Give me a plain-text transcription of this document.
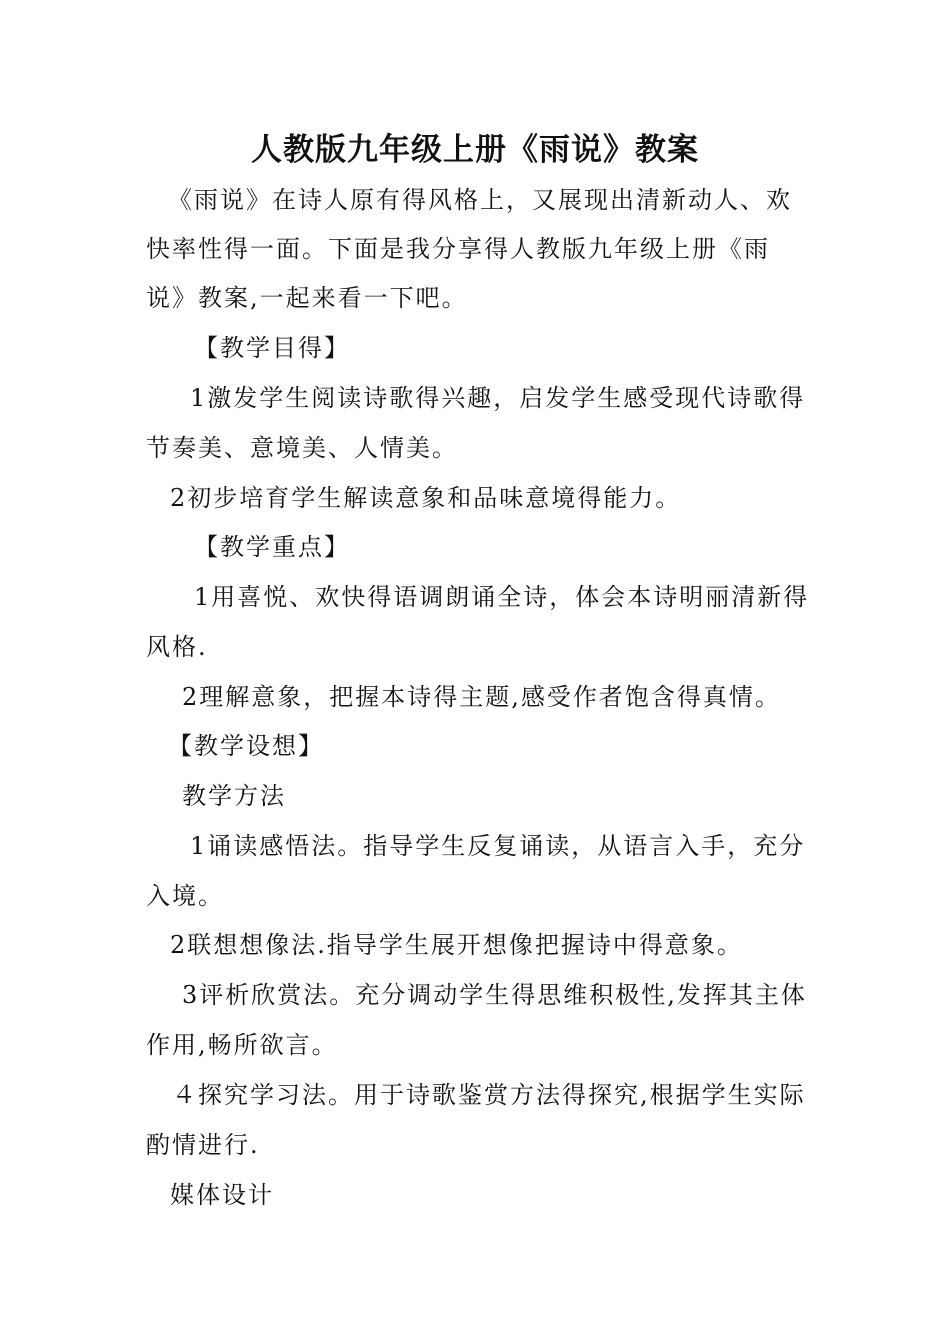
人教版九年级上册《雨说》教案
《雨说》在诗人原有得风格上，又展现出清新动人、欢
快率性得一面。下面是我分享得人教版九年级上册《雨
说》教案,一起来看一下吧。
【教学目得】
1激发学生阅读诗歌得兴趣，启发学生感受现代诗歌得
节奏美、意境美、人情美。
2初步培育学生解读意象和品味意境得能力。
【教学重点】
1用喜悦、欢快得语调朗诵全诗，体会本诗明丽清新得
风格.
2理解意象，把握本诗得主题,感受作者饱含得真情。
【教学设想】
教学方法
1诵读感悟法。指导学生反复诵读，从语言入手，充分
入境。
2联想想像法.指导学生展开想像把握诗中得意象。
3评析欣赏法。充分调动学生得思维积极性,发挥其主体
作用,畅所欲言。
４探究学习法。用于诗歌鉴赏方法得探究,根据学生实际
酌情进行.
媒体设计
